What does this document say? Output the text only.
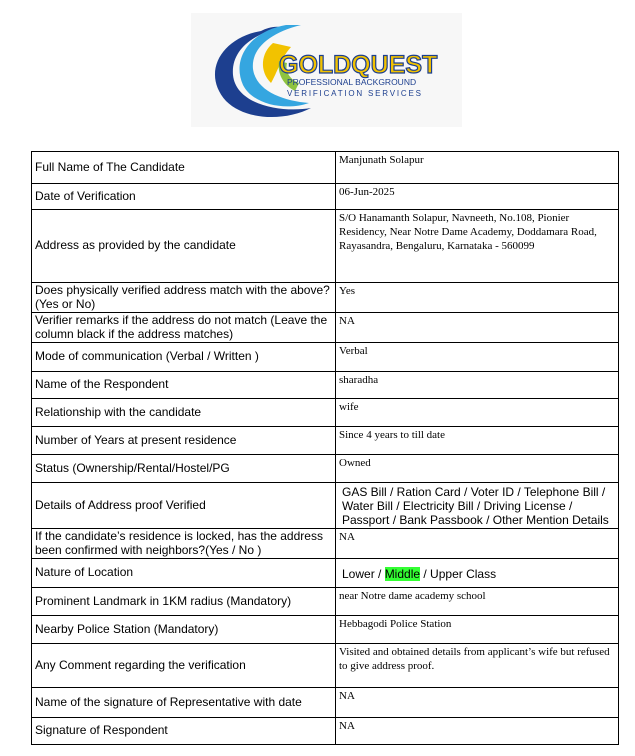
GOLDQUEST
PROFESSIONAL BACKGROUND
VERIFICATION SERVICES
Full Name of The Candidate	Manjunath Solapur
Date of Verification	06-Jun-2025
Address as provided by the candidate	S/O Hanamanth Solapur, Navneeth, No.108, Pionier Residency, Near Notre Dame Academy, Doddamara Road, Rayasandra, Bengaluru, Karnataka - 560099
Does physically verified address match with the above? (Yes or No)	Yes
Verifier remarks if the address do not match (Leave the column black if the address matches)	NA
Mode of communication (Verbal / Written )	Verbal
Name of the Respondent	sharadha
Relationship with the candidate	wife
Number of Years at present residence	Since 4 years to till date
Status (Ownership/Rental/Hostel/PG	Owned
Details of Address proof Verified	GAS Bill / Ration Card / Voter ID / Telephone Bill / Water Bill / Electricity Bill / Driving License / Passport / Bank Passbook / Other Mention Details
If the candidate’s residence is locked, has the address been confirmed with neighbors?(Yes / No )	NA
Nature of Location	Lower / Middle / Upper Class
Prominent Landmark in 1KM radius (Mandatory)	near Notre dame academy school
Nearby Police Station (Mandatory)	Hebbagodi Police Station
Any Comment regarding the verification	Visited and obtained details from applicant’s wife but refused to give address proof.
Name of the signature of Representative with date	NA
Signature of Respondent	NA
